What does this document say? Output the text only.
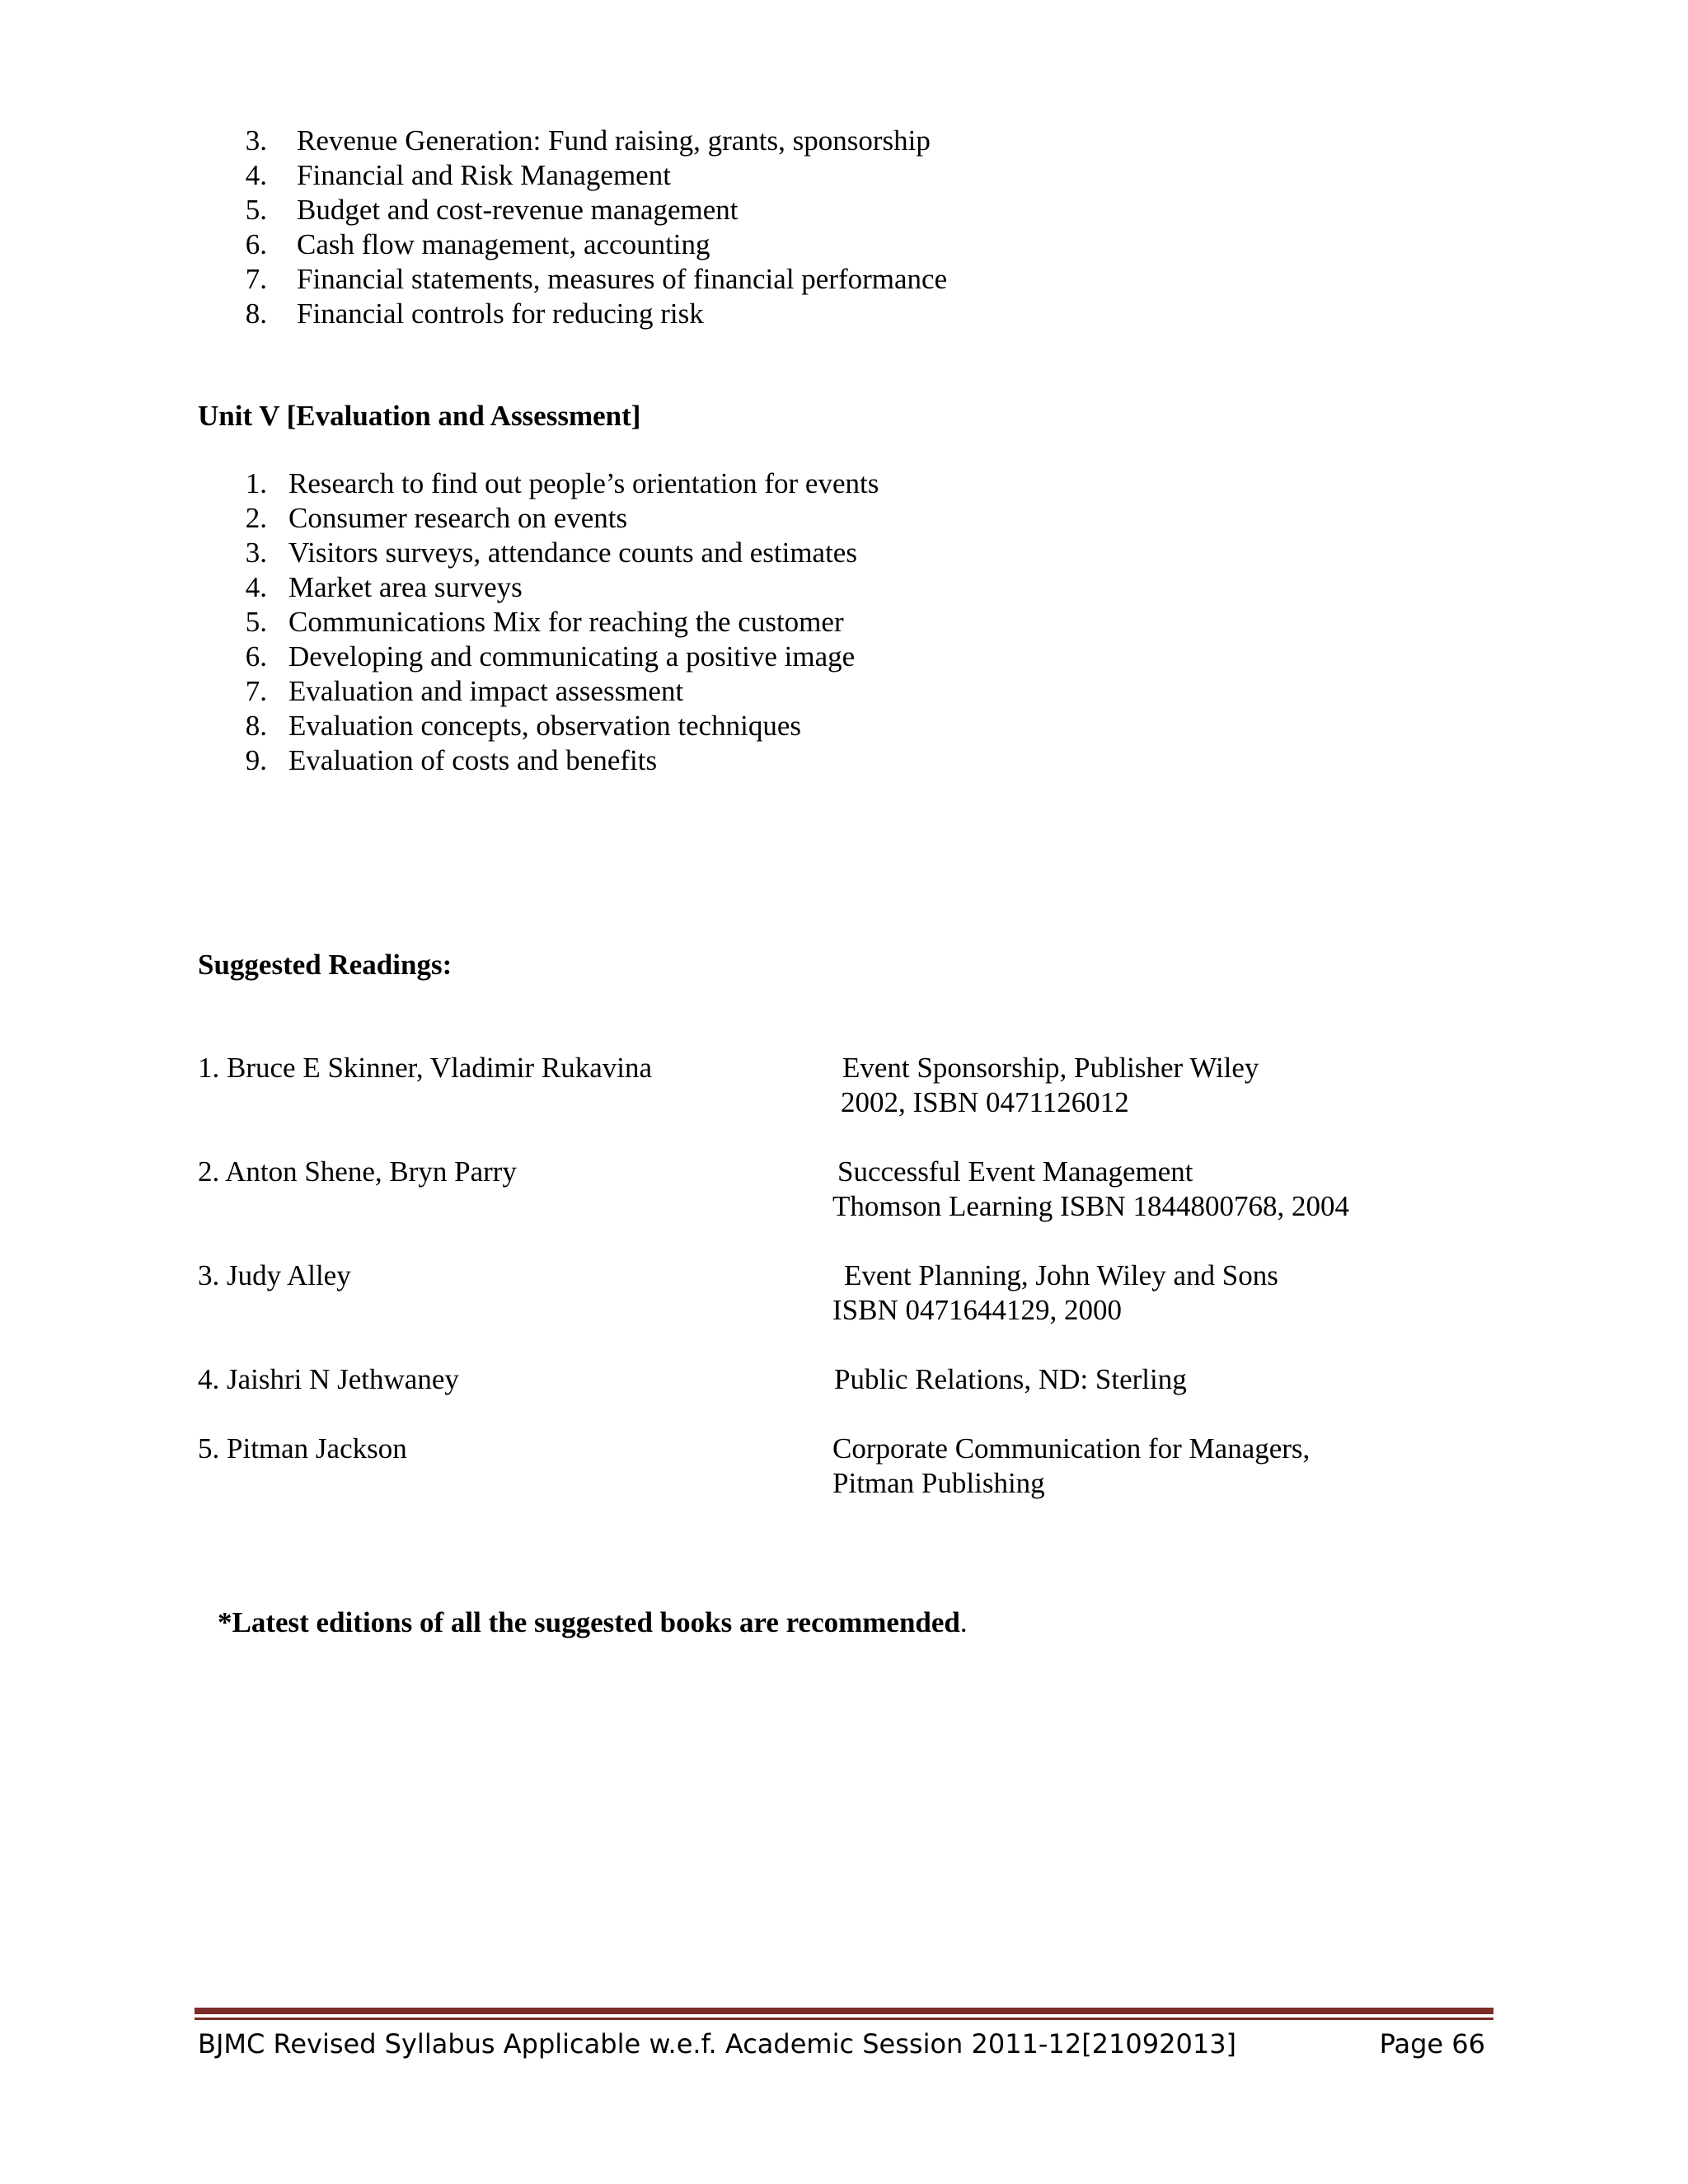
3. Revenue Generation: Fund raising, grants, sponsorship
4. Financial and Risk Management
5. Budget and cost-revenue management
6. Cash flow management, accounting
7. Financial statements, measures of financial performance
8. Financial controls for reducing risk
Unit V [Evaluation and Assessment]
1. Research to find out people’s orientation for events
2. Consumer research on events
3. Visitors surveys, attendance counts and estimates
4. Market area surveys
5. Communications Mix for reaching the customer
6. Developing and communicating a positive image
7. Evaluation and impact assessment
8. Evaluation concepts, observation techniques
9. Evaluation of costs and benefits
Suggested Readings:
1. Bruce E Skinner, Vladimir Rukavina	Event Sponsorship, Publisher Wiley
2002, ISBN 0471126012
2. Anton Shene, Bryn Parry	Successful Event Management
Thomson Learning ISBN 1844800768, 2004
3. Judy Alley	Event Planning, John Wiley and Sons
ISBN 0471644129, 2000
4. Jaishri N Jethwaney	Public Relations, ND: Sterling
5. Pitman Jackson	Corporate Communication for Managers,
Pitman Publishing
*Latest editions of all the suggested books are recommended.
BJMC Revised Syllabus Applicable w.e.f. Academic Session 2011-12[21092013]	Page 66
